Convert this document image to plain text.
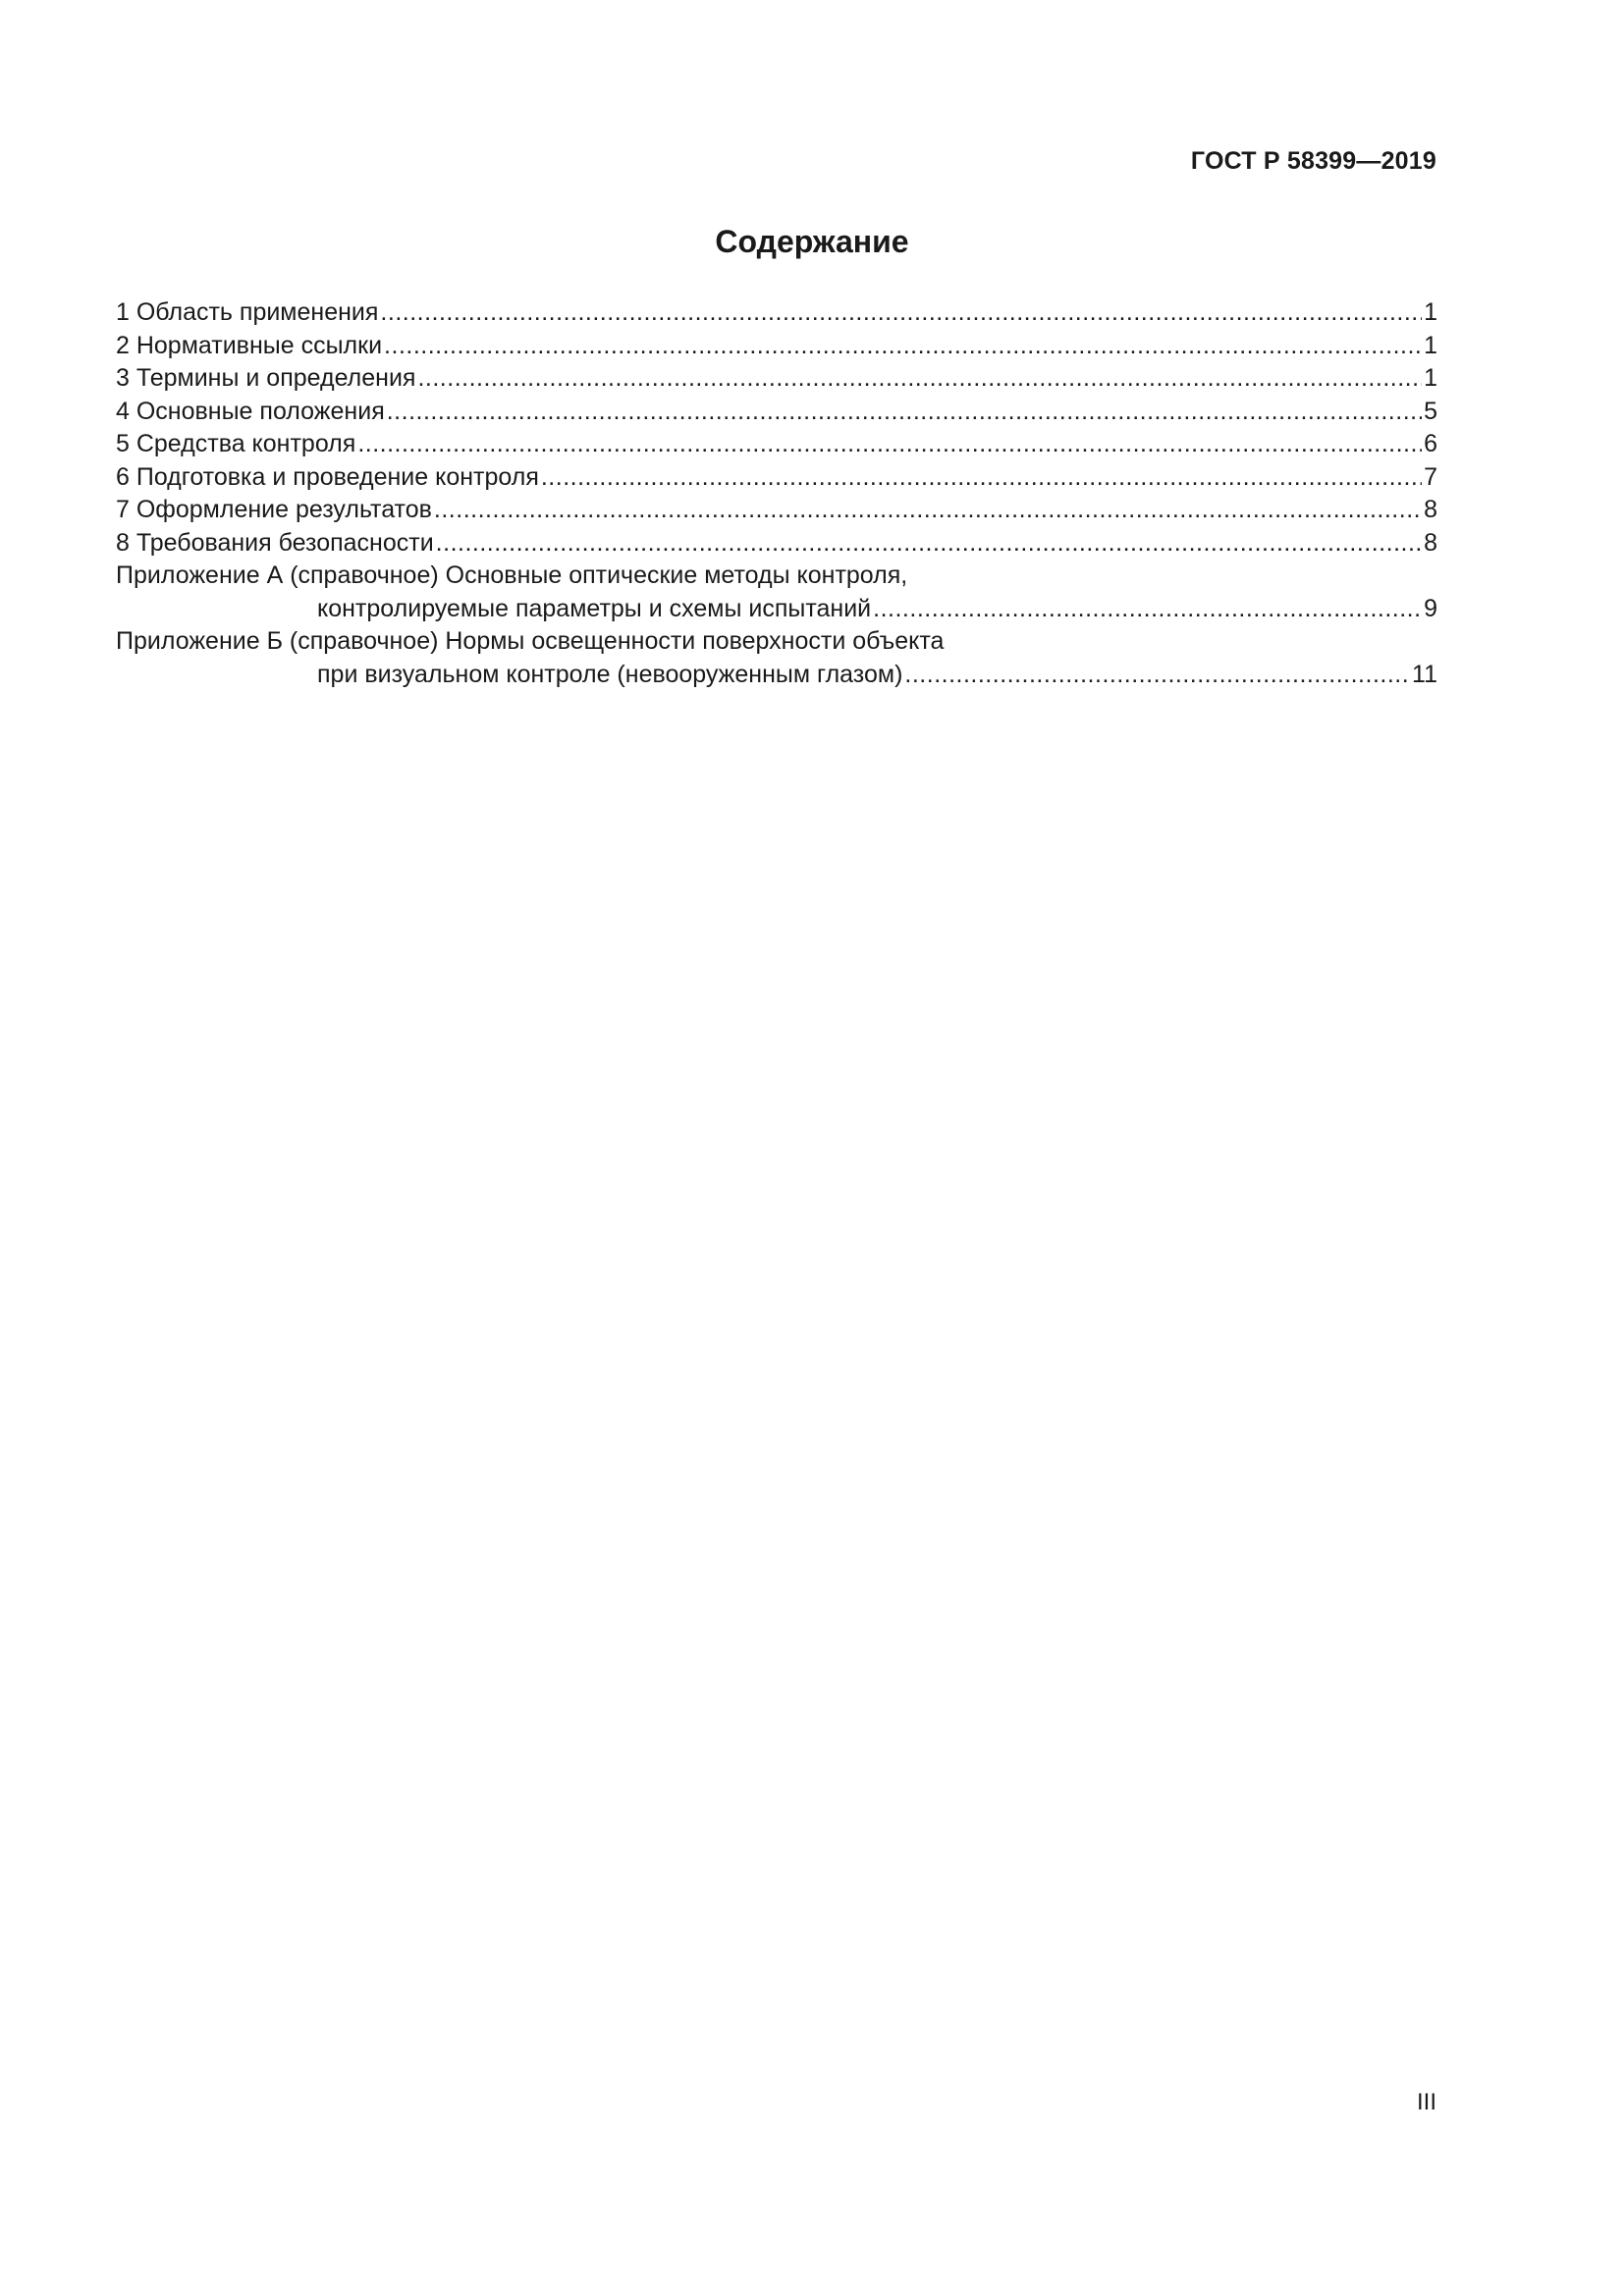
ГОСТ Р 58399—2019
Содержание
1 Область применения .....	1
2 Нормативные ссылки .....	1
3 Термины и определения .....	1
4 Основные положения .....	5
5 Средства контроля .....	6
6 Подготовка и проведение контроля .....	7
7 Оформление результатов .....	8
8 Требования безопасности .....	8
Приложение А (справочное) Основные оптические методы контроля,
контролируемые параметры и схемы испытаний .....	9
Приложение Б (справочное) Нормы освещенности поверхности объекта
при визуальном контроле (невооруженным глазом) .....	11
III
